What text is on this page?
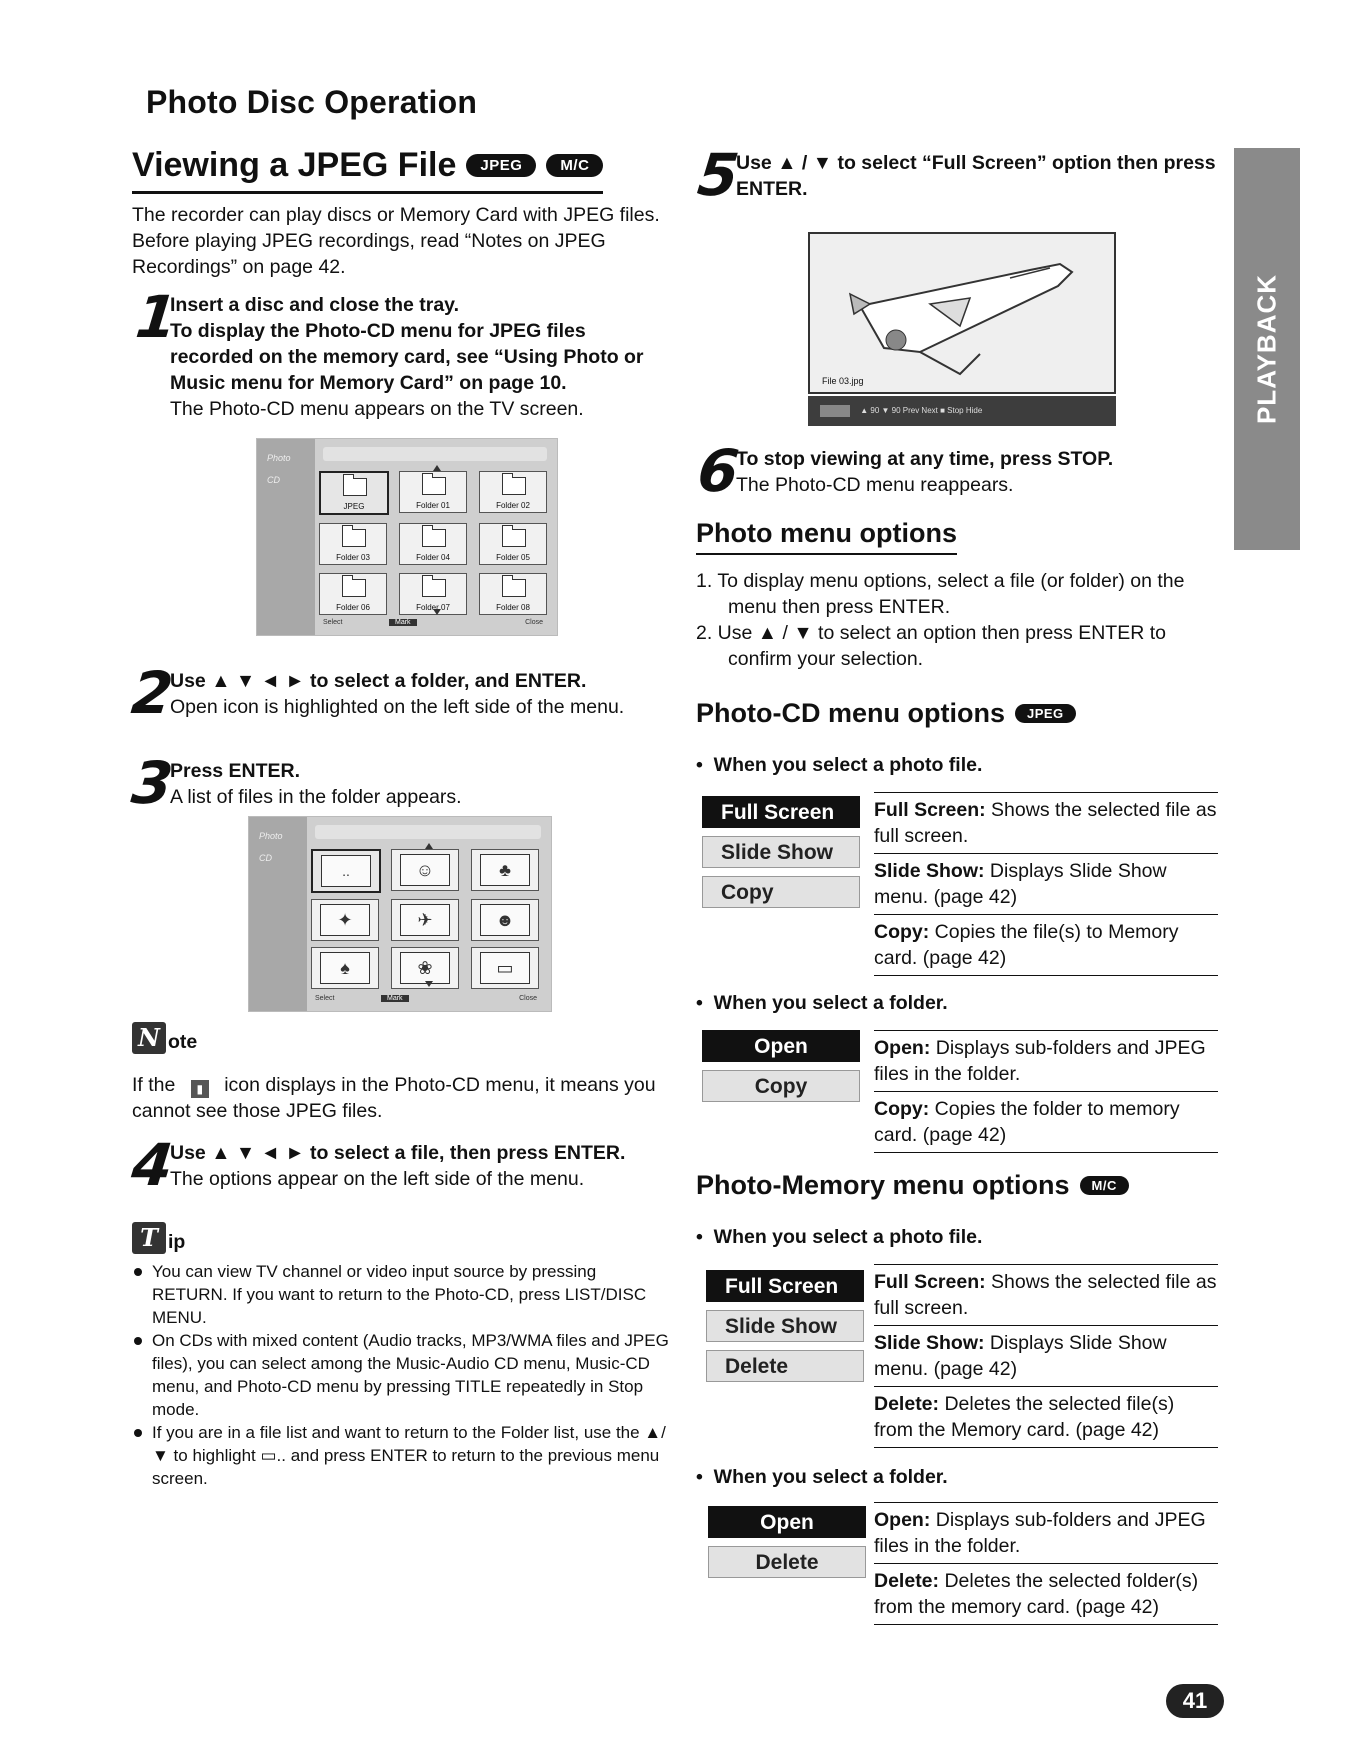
Photo Disc Operation
Viewing a JPEG File	JPEG	M/C

The recorder can play discs or Memory Card with JPEG files. Before playing JPEG recordings, read “Notes on JPEG Recordings” on page 42.

1
Insert a disc and close the tray.
To display the Photo-CD menu for JPEG files recorded on the memory card, see “Using Photo or Music menu for Memory Card” on page 10.
The Photo-CD menu appears on the TV screen.
Photo
CD
JPEG	Folder 01	Folder 02
Folder 03	Folder 04	Folder 05
Folder 06	Folder 07	Folder 08
Select	Mark	Close
2
Use ▲ ▼ ◄ ► to select a folder, and ENTER.
Open icon is highlighted on the left side of the menu.
3
Press ENTER.
A list of files in the folder appears.
Photo
CD
..	☺	♣
✦	✈	☻
♠	❀	▭
Select	Mark	Close
N ote
If the ▮ icon displays in the Photo-CD menu, it means you cannot see those JPEG files.
4
Use ▲ ▼ ◄ ► to select a file, then press ENTER.
The options appear on the left side of the menu.
T ip
You can view TV channel or video input source by pressing RETURN. If you want to return to the Photo-CD, press LIST/DISC MENU.
On CDs with mixed content (Audio tracks, MP3/WMA files and JPEG files), you can select among the Music-Audio CD menu, Music-CD menu, and Photo-CD menu by pressing TITLE repeatedly in Stop mode.
If you are in a file list and want to return to the Folder list, use the ▲/▼ to highlight ▭.. and press ENTER to return to the previous menu screen.
5
Use ▲ / ▼ to select “Full Screen” option then press ENTER.
File 03.jpg
▲ 90 ▼ 90 Prev Next ■ Stop Hide
6
To stop viewing at any time, press STOP.
The Photo-CD menu reappears.
Photo menu options
1. To display menu options, select a file (or folder) on the menu then press ENTER.
2. Use ▲ / ▼ to select an option then press ENTER to confirm your selection.
Photo-CD menu options	JPEG
•  When you select a photo file.
Full Screen
Slide Show
Copy
Full Screen: Shows the selected file as full screen.
Slide Show: Displays Slide Show menu. (page 42)
Copy: Copies the file(s) to Memory card. (page 42)
•  When you select a folder.
Open
Copy
Open: Displays sub-folders and JPEG files in the folder.
Copy: Copies the folder to memory card. (page 42)
Photo-Memory menu options	M/C
•  When you select a photo file.
Full Screen
Slide Show
Delete
Full Screen: Shows the selected file as full screen.
Slide Show: Displays Slide Show menu. (page 42)
Delete: Deletes the selected file(s) from the Memory card. (page 42)
•  When you select a folder.
Open
Delete
Open: Displays sub-folders and JPEG files in the folder.
Delete: Deletes the selected folder(s) from the memory card. (page 42)
PLAYBACK
41
